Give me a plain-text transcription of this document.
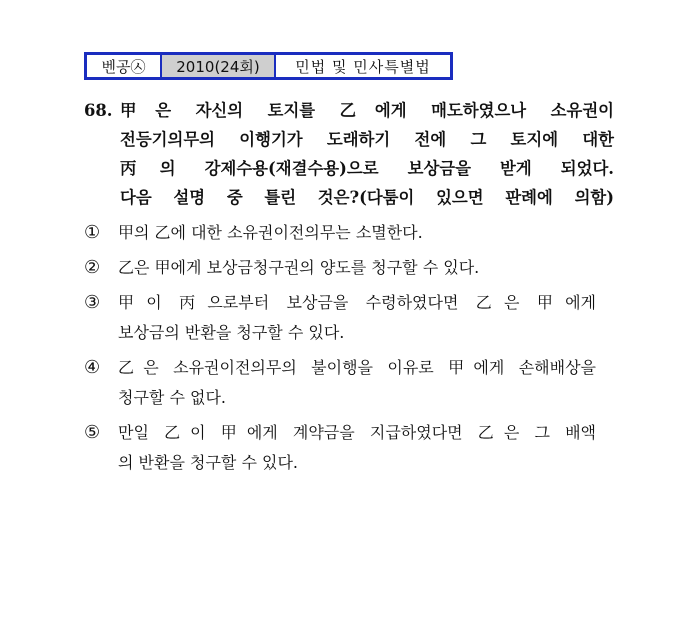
벤공㉦	2010(24회)	민법 및 민사특별법
68. 甲은 자신의 토지를 乙에게 매도하였으나 소유권이
전등기의무의 이행기가 도래하기 전에 그 토지에 대한
丙의 강제수용(재결수용)으로 보상금을 받게 되었다.
다음 설명 중 틀린 것은?(다툼이 있으면 판례에 의함)
①	甲의 乙에 대한 소유권이전의무는 소멸한다.
②	乙은 甲에게 보상금청구권의 양도를 청구할 수 있다.
③	甲이 丙으로부터 보상금을 수령하였다면 乙은 甲에게
보상금의 반환을 청구할 수 있다.
④	乙은 소유권이전의무의 불이행을 이유로 甲에게 손해배상을
청구할 수 없다.
⑤	만일 乙이 甲에게 계약금을 지급하였다면 乙은 그 배액
의 반환을 청구할 수 있다.
